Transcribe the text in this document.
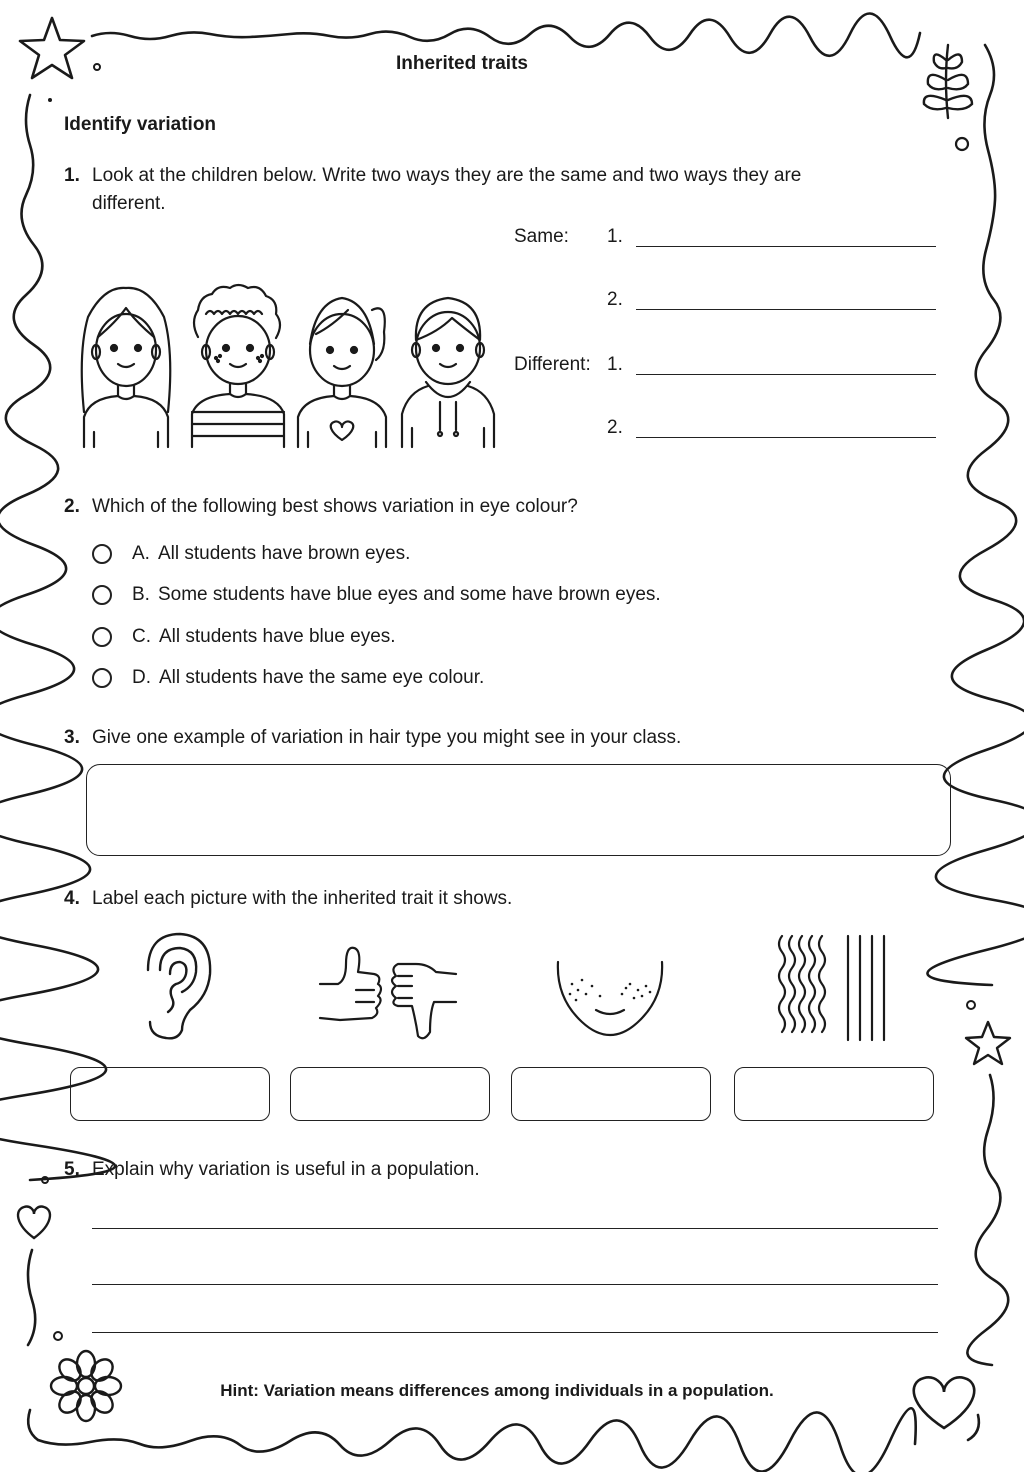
Inherited traits
Identify variation
1. Look at the children below. Write two ways they are the same and two ways they are different.
Same: 1.
2.
Different: 1.
2.
2. Which of the following best shows variation in eye colour?
A. All students have brown eyes.
B. Some students have blue eyes and some have brown eyes.
C. All students have blue eyes.
D. All students have the same eye colour.
3. Give one example of variation in hair type you might see in your class.
4. Label each picture with the inherited trait it shows.
5. Explain why variation is useful in a population.
Hint: Variation means differences among individuals in a population.
